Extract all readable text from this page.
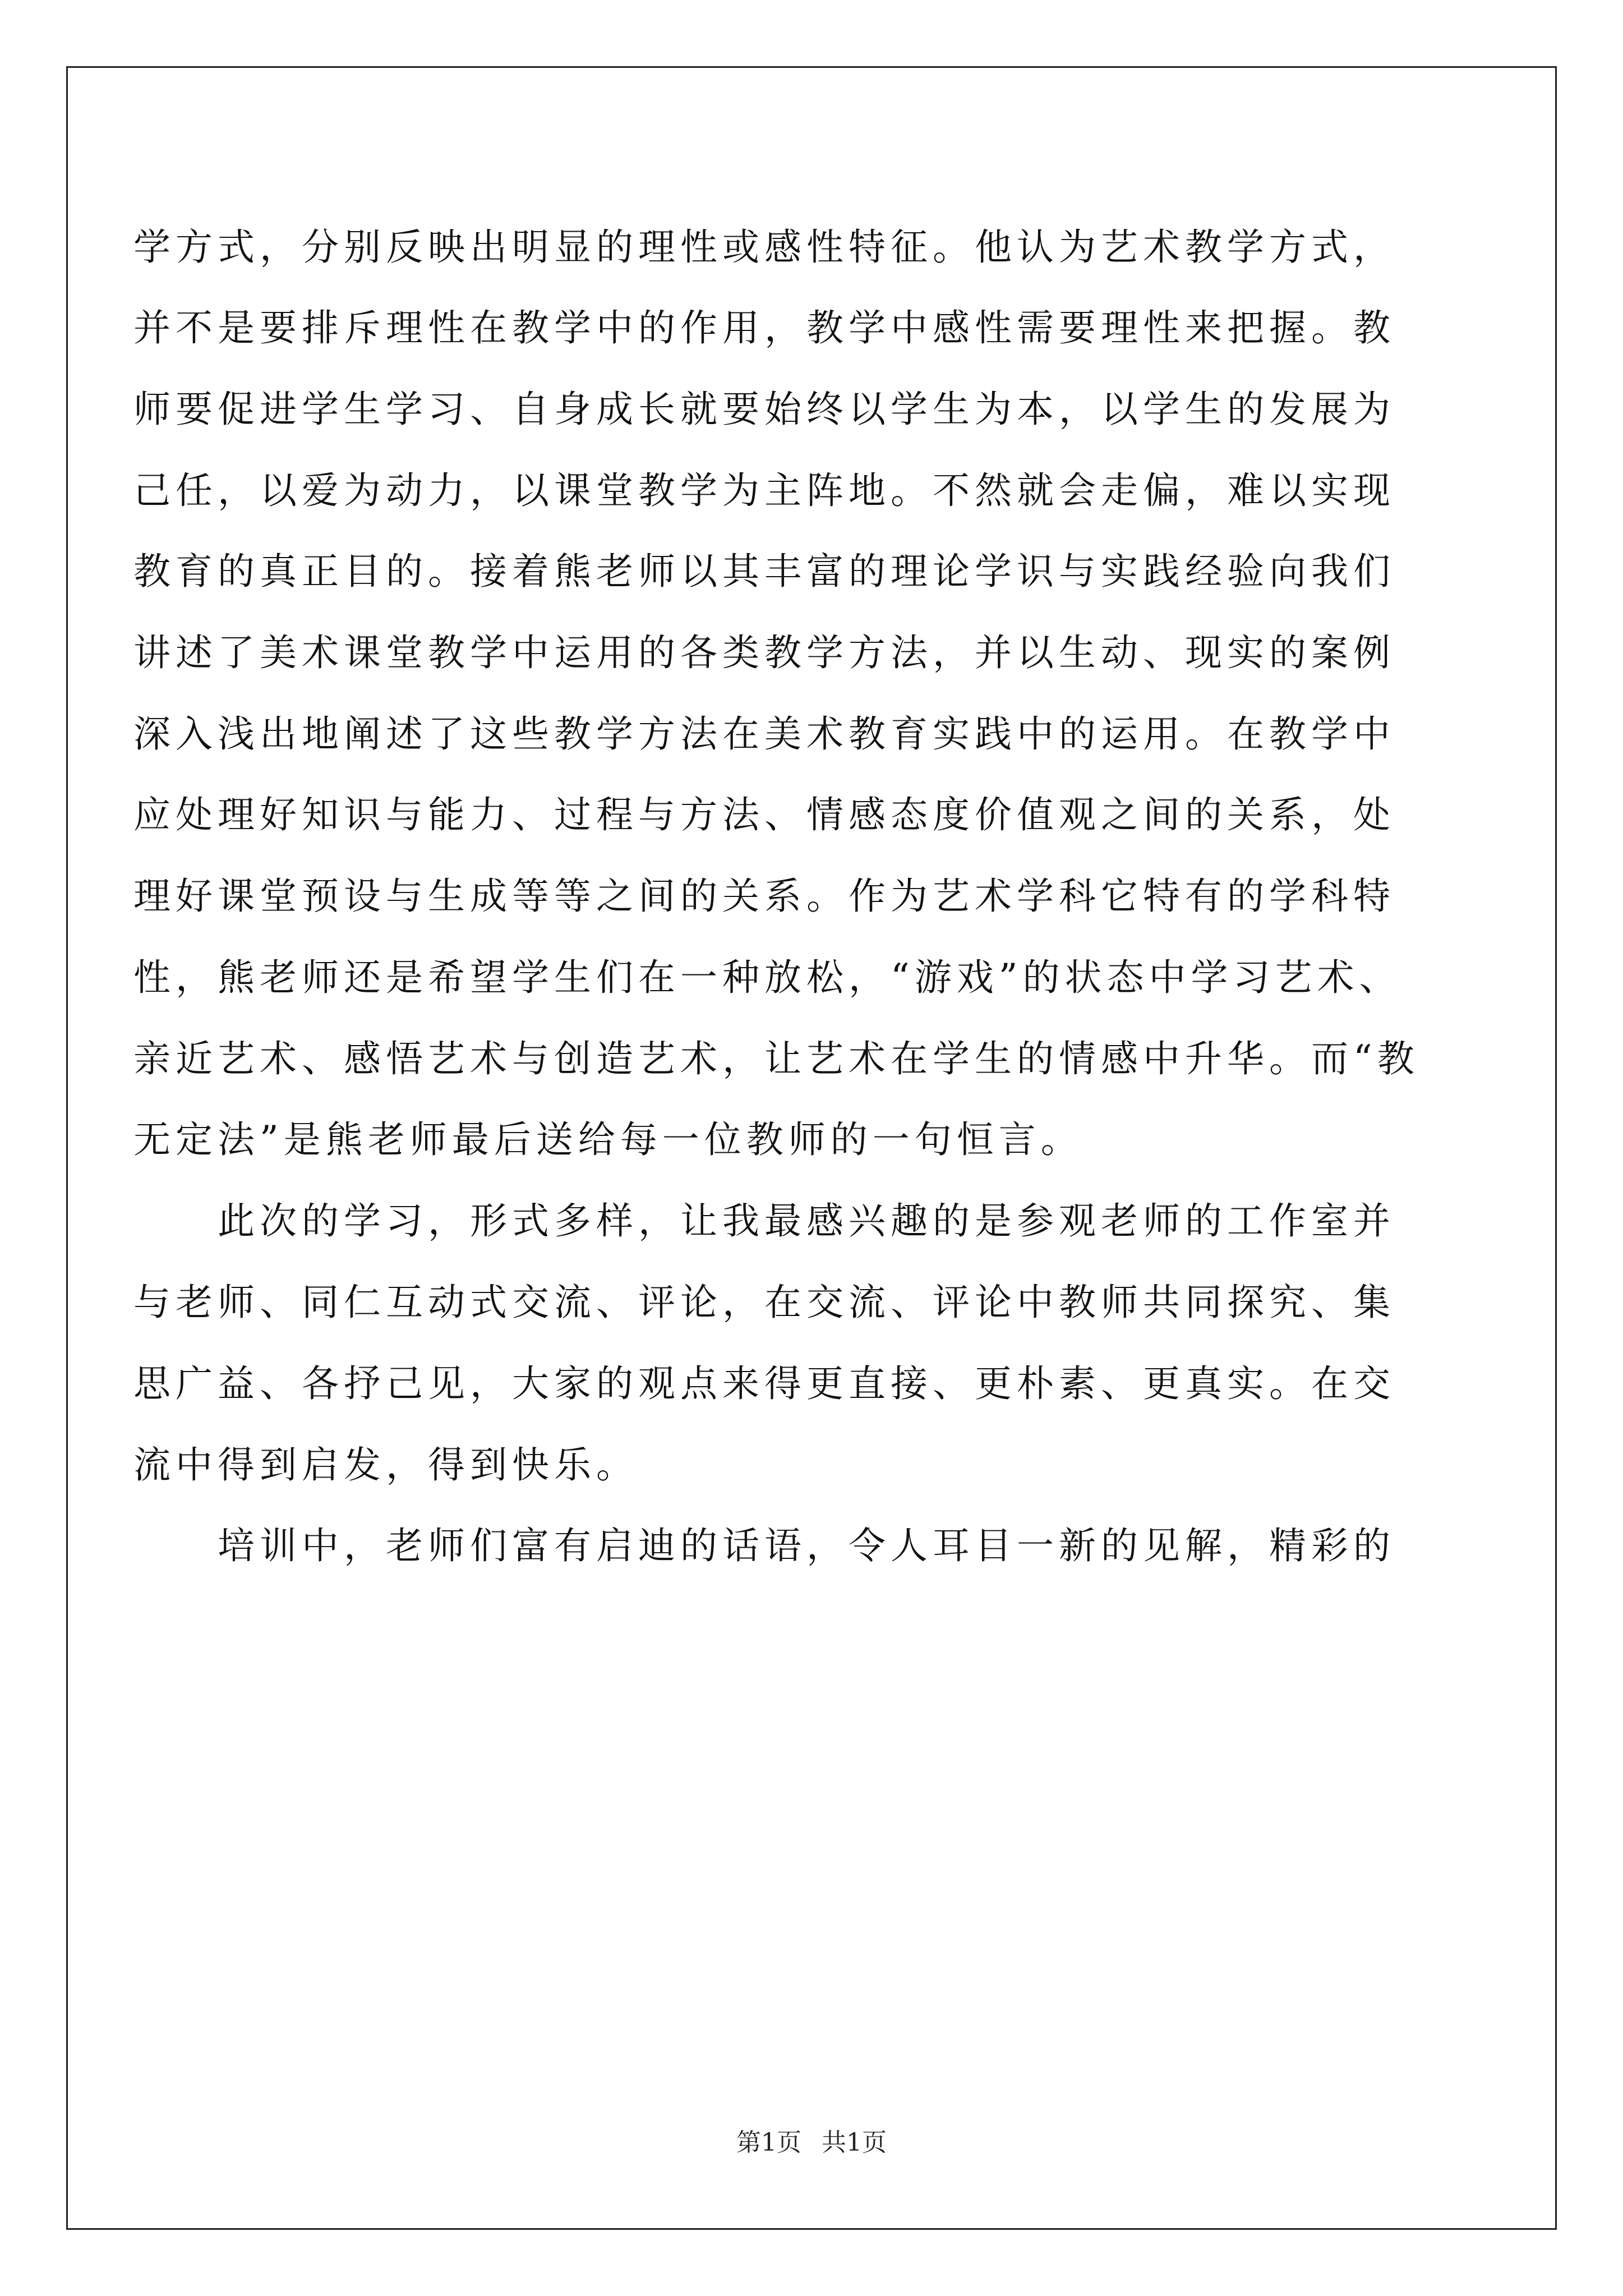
学方式，分别反映出明显的理性或感性特征。他认为艺术教学方式，
并不是要排斥理性在教学中的作用，教学中感性需要理性来把握。教
师要促进学生学习、自身成长就要始终以学生为本，以学生的发展为
己任，以爱为动力，以课堂教学为主阵地。不然就会走偏，难以实现
教育的真正目的。接着熊老师以其丰富的理论学识与实践经验向我们
讲述了美术课堂教学中运用的各类教学方法，并以生动、现实的案例
深入浅出地阐述了这些教学方法在美术教育实践中的运用。在教学中
应处理好知识与能力、过程与方法、情感态度价值观之间的关系，处
理好课堂预设与生成等等之间的关系。作为艺术学科它特有的学科特
性，熊老师还是希望学生们在一种放松，“游戏”的状态中学习艺术、
亲近艺术、感悟艺术与创造艺术，让艺术在学生的情感中升华。而“教
无定法”是熊老师最后送给每一位教师的一句恒言。
　　此次的学习，形式多样，让我最感兴趣的是参观老师的工作室并
与老师、同仁互动式交流、评论，在交流、评论中教师共同探究、集
思广益、各抒己见，大家的观点来得更直接、更朴素、更真实。在交
流中得到启发，得到快乐。
　　培训中，老师们富有启迪的话语，令人耳目一新的见解，精彩的
第1页 共1页
